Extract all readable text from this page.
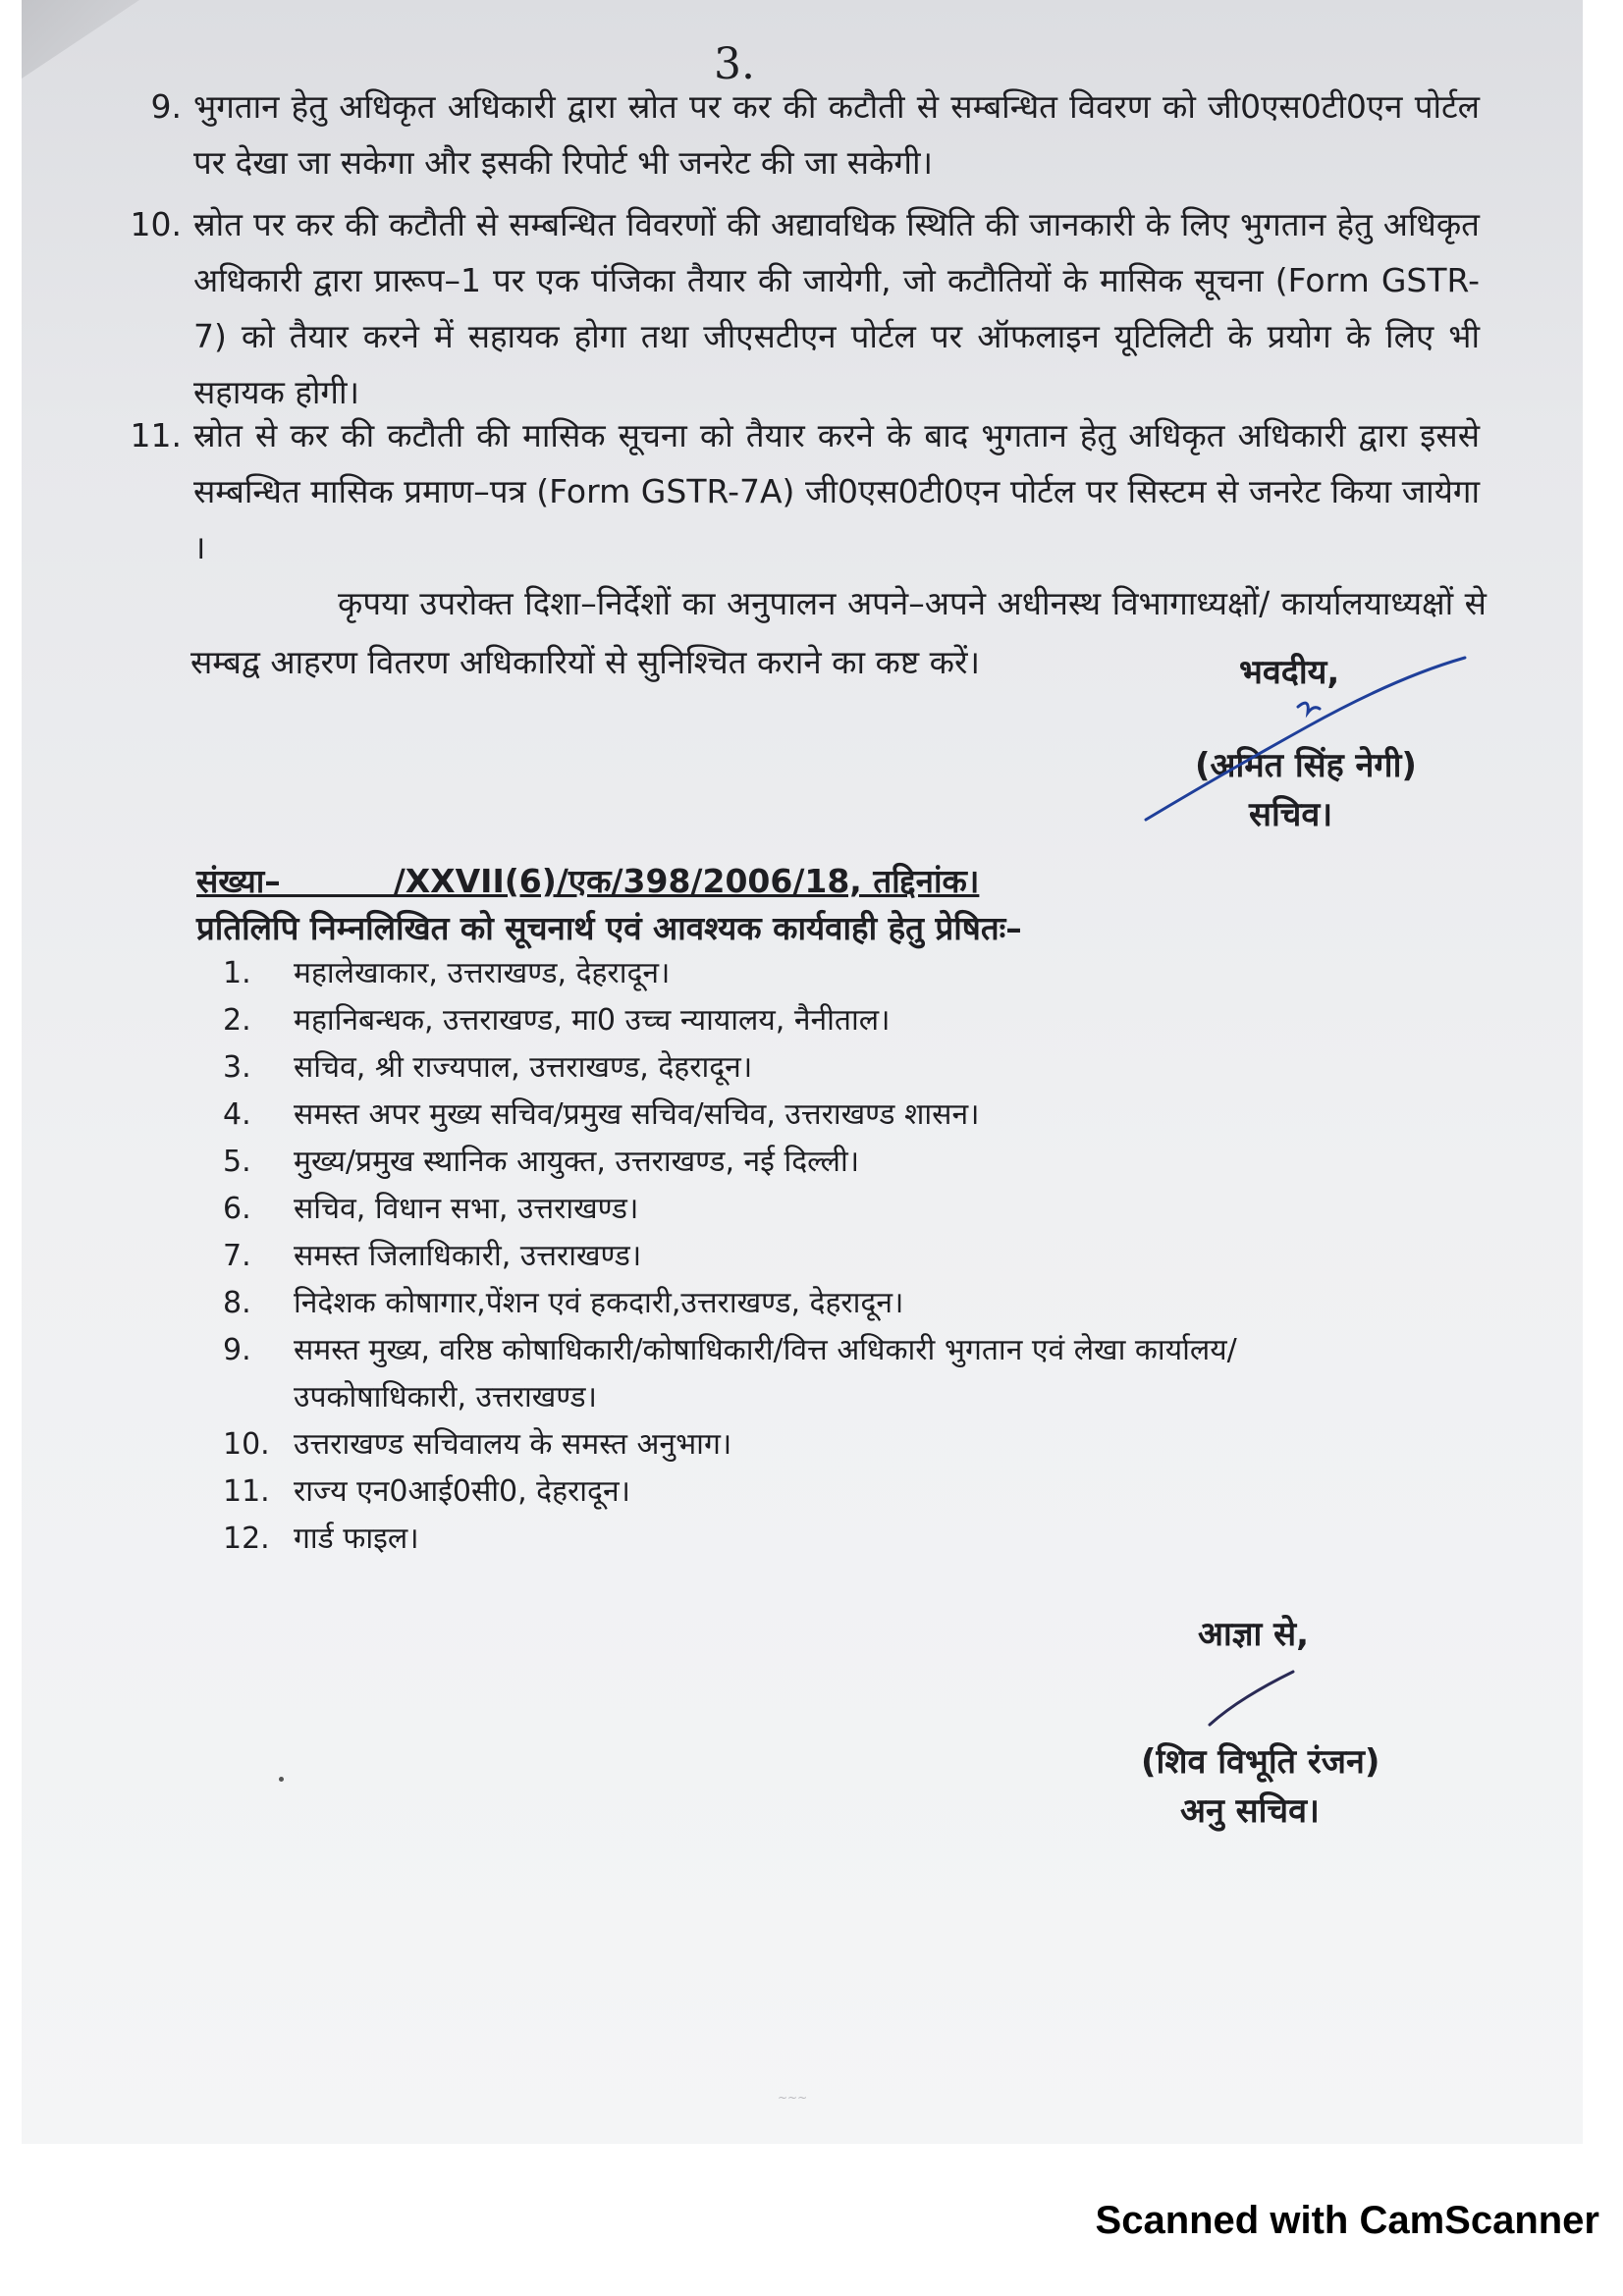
3.
9. भुगतान हेतु अधिकृत अधिकारी द्वारा स्रोत पर कर की कटौती से सम्बन्धित विवरण को जी0एस0टी0एन पोर्टल पर देखा जा सकेगा और इसकी रिपोर्ट भी जनरेट की जा सकेगी।
10. स्रोत पर कर की कटौती से सम्बन्धित विवरणों की अद्यावधिक स्थिति की जानकारी के लिए भुगतान हेतु अधिकृत अधिकारी द्वारा प्रारूप–1 पर एक पंजिका तैयार की जायेगी, जो कटौतियों के मासिक सूचना (Form GSTR-7) को तैयार करने में सहायक होगा तथा जीएसटीएन पोर्टल पर ऑफलाइन यूटिलिटी के प्रयोग के लिए भी सहायक होगी।
11. स्रोत से कर की कटौती की मासिक सूचना को तैयार करने के बाद भुगतान हेतु अधिकृत अधिकारी द्वारा इससे सम्बन्धित मासिक प्रमाण–पत्र (Form GSTR-7A) जी0एस0टी0एन पोर्टल पर सिस्टम से जनरेट किया जायेगा ।
कृपया उपरोक्त दिशा–निर्देशों का अनुपालन अपने–अपने अधीनस्थ विभागाध्यक्षों/ कार्यालयाध्यक्षों से सम्बद्व आहरण वितरण अधिकारियों से सुनिश्चित कराने का कष्ट करें।	भवदीय,
(अमित सिंह नेगी)
सचिव।
संख्या–          /XXVII(6)/एक/398/2006/18, तद्दिनांक।
प्रतिलिपि निम्नलिखित को सूचनार्थ एवं आवश्यक कार्यवाही हेतु प्रेषितः–
1.	महालेखाकार, उत्तराखण्ड, देहरादून।
2.	महानिबन्धक, उत्तराखण्ड, मा0 उच्च न्यायालय, नैनीताल।
3.	सचिव, श्री राज्यपाल, उत्तराखण्ड, देहरादून।
4.	समस्त अपर मुख्य सचिव/प्रमुख सचिव/सचिव, उत्तराखण्ड शासन।
5.	मुख्य/प्रमुख स्थानिक आयुक्त, उत्तराखण्ड, नई दिल्ली।
6.	सचिव, विधान सभा, उत्तराखण्ड।
7.	समस्त जिलाधिकारी, उत्तराखण्ड।
8.	निदेशक कोषागार,पेंशन एवं हकदारी,उत्तराखण्ड, देहरादून।
9.	समस्त मुख्य, वरिष्ठ कोषाधिकारी/कोषाधिकारी/वित्त अधिकारी भुगतान एवं लेखा कार्यालय/ उपकोषाधिकारी, उत्तराखण्ड।
10. उत्तराखण्ड सचिवालय के समस्त अनुभाग।
11. राज्य एन0आई0सी0, देहरादून।
12. गार्ड फाइल।
आज्ञा से,
(शिव विभूति रंजन)
अनु सचिव।
~~~
Scanned with CamScanner
